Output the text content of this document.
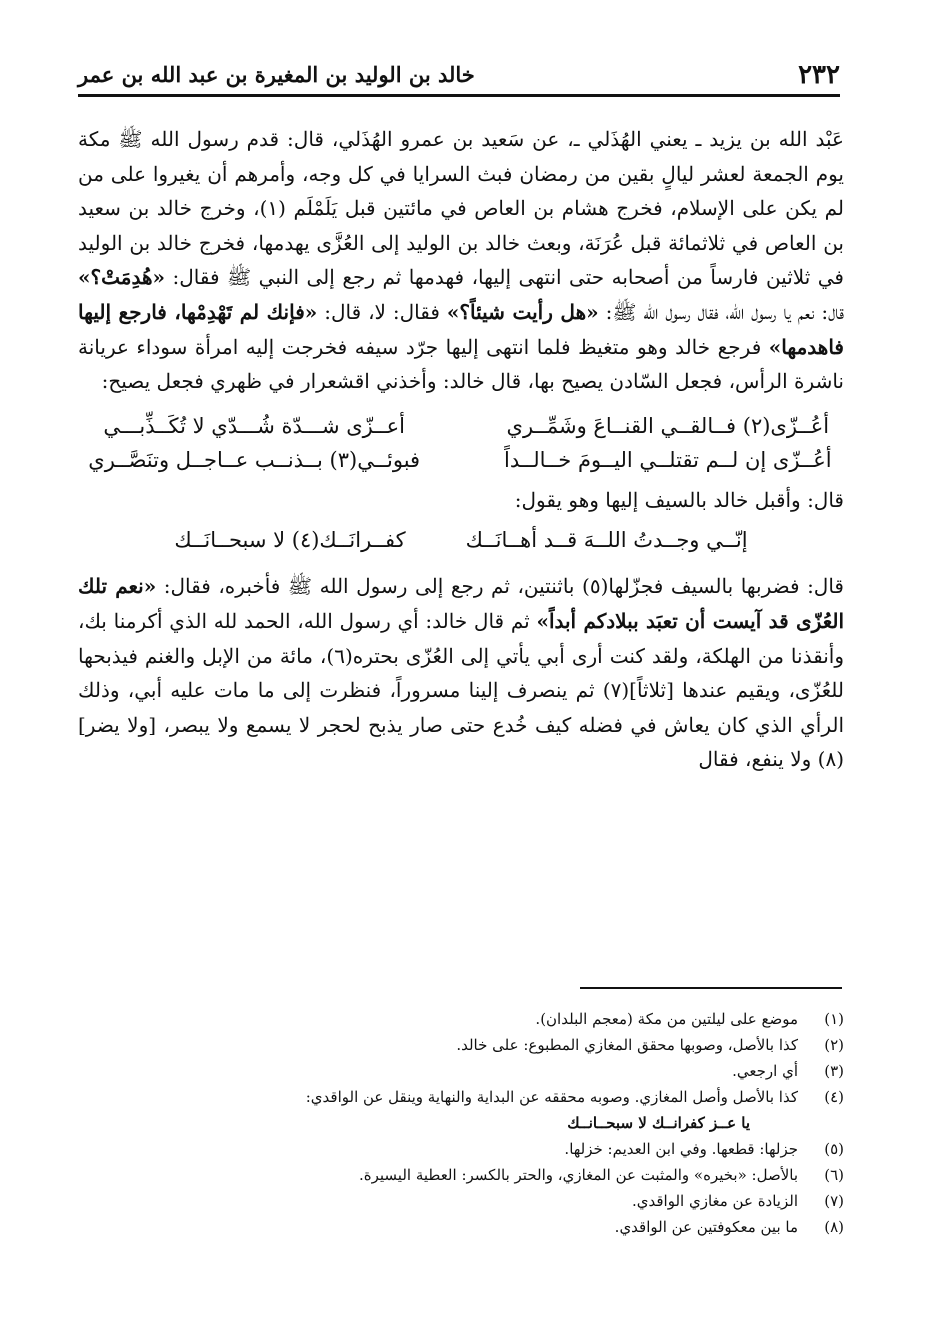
٢٣٢
خالد بن الوليد بن المغيرة بن عبد الله بن عمر

عَبْد الله بن يزيد ـ يعني الهُذَلي ـ، عن سَعيد بن عمرو الهُذَلي، قال: قدم رسول الله ﷺ مكة يوم الجمعة لعشر ليالٍ بقين من رمضان فبث السرايا في كل وجه، وأمرهم أن يغيروا على من لم يكن على الإسلام، فخرج هشام بن العاص في مائتين قبل يَلَمْلَم (١)، وخرج خالد بن سعيد بن العاص في ثلاثمائة قبل عُرَنَة، وبعث خالد بن الوليد إلى العُزَّى يهدمها، فخرج خالد بن الوليد في ثلاثين فارساً من أصحابه حتى انتهى إليها، فهدمها ثم رجع إلى النبي ﷺ فقال: «هُدِمَتْ؟» قال: نعم يا رسول الله، فقال رسول الله ﷺ: «هل رأيت شيئاً؟» فقال: لا، قال: «فإنك لم تَهْدِمْها، فارجع إليها فاهدمها» فرجع خالد وهو متغيظ فلما انتهى إليها جرّد سيفه فخرجت إليه امرأة سوداء عريانة ناشرة الرأس، فجعل السّادن يصيح بها، قال خالد: وأخذني اقشعرار في ظهري فجعل يصيح:

أعُــزّى(٢) فــالقــي القنــاعَ وشَمِّــري
أعــزّى شـــدّة شُـــدّي لا تُكَــذِّبـــي
أعُــزّى إن لــم تقتلــي اليــومَ خــالــداً
فبوئــي(٣) بــذنــب عــاجــل وتنَصَّــري

قال: وأقبل خالد بالسيف إليها وهو يقول:

إنّــي وجــدتُ اللــهَ قــد أهــانَــك
كفــرانَــك(٤) لا سبحــانَــك

قال: فضربها بالسيف فجزّلها(٥) باثنتين، ثم رجع إلى رسول الله ﷺ فأخبره، فقال: «نعم تلك العُزّى قد آيست أن تعبَد ببلادكم أبداً» ثم قال خالد: أي رسول الله، الحمد لله الذي أكرمنا بك، وأنقذنا من الهلكة، ولقد كنت أرى أبي يأتي إلى العُزّى بحتره(٦)، مائة من الإبل والغنم فيذبحها للعُزّى، ويقيم عندها [ثلاثاً](٧) ثم ينصرف إلينا مسروراً، فنظرت إلى ما مات عليه أبي، وذلك الرأي الذي كان يعاش في فضله كيف خُدع حتى صار يذبح لحجر لا يسمع ولا يبصر، [ولا يضر](٨) ولا ينفع، فقال

(١)
موضع على ليلتين من مكة (معجم البلدان).
(٢)
كذا بالأصل، وصوبها محقق المغازي المطبوع: على خالد.
(٣)
أي ارجعي.
(٤)
كذا بالأصل وأصل المغازي. وصوبه محققه عن البداية والنهاية وينقل عن الواقدي:
يا عــز كفرانــك لا سبحــانــك
(٥)
جزلها: قطعها. وفي ابن العديم: خزلها.
(٦)
بالأصل: «بخيره» والمثبت عن المغازي، والحتر بالكسر: العطية اليسيرة.
(٧)
الزيادة عن مغازي الواقدي.
(٨)
ما بين معكوفتين عن الواقدي.
